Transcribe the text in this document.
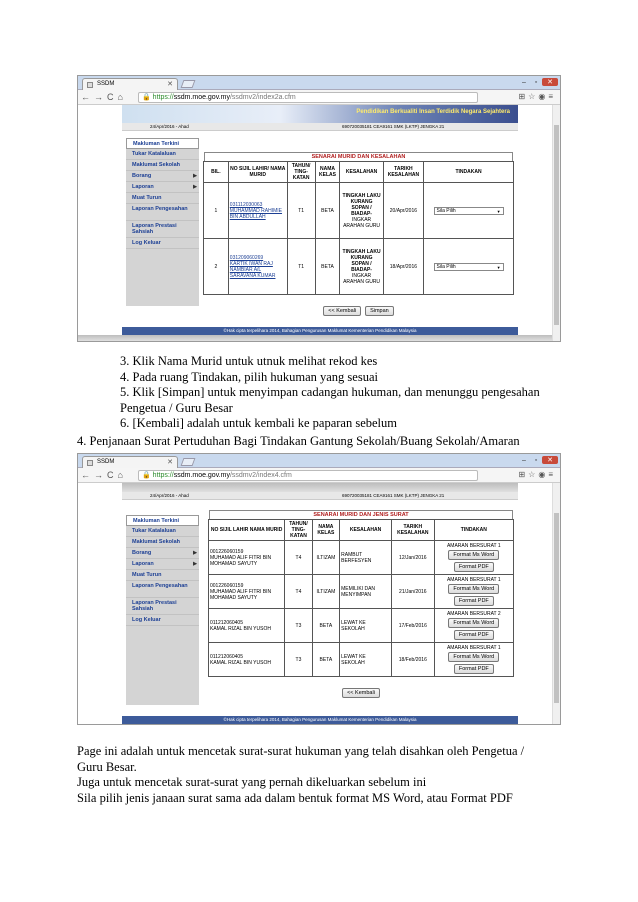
SSDM	✕	– ▫ ✕
←→C⌂	🔒 https://ssdm.moe.gov.my/ssdmv2/index2a.cfm	⊞☆◉≡
Pendidikan Berkualiti Insan Terdidik Negara Sejahtera
24/Apr/2016 - Ahad	690720035181 CEA9161 SMK (LKTP) JENGKA 21
Makluman Terkini
Tukar Katalaluan
Maklumat Sekolah
Borang	▶
Laporan	▶
Muat Turun
Laporan Pengesahan
Laporan Prestasi Sahsiah
Log Keluar
SENARAI MURID DAN KESALAHAN
BIL.	NO SIJIL LAHIR/ NAMA MURID	TAHUN/ TING- KATAN	NAMA KELAS	KESALAHAN	TARIKH KESALAHAN	TINDAKAN
1	031112030063
MUHAMMAD RAHIMIE BIN ABDULLAH	T1	BETA	TINGKAH LAKU KURANG SOPAN / BIADAP-
INGKAR ARAHAN GURU	20/Apr/2016	Sila Pilih ▼

2	031209060269
KARTIK IWAN RAJ NAMBIAR A/L SARAVANA KUMAR	T1	BETA	TINGKAH LAKU KURANG SOPAN / BIADAP-
INGKAR ARAHAN GURU	18/Apr/2016	Sila Pilih ▼
<< Kembali	Simpan
©Hak cipta terpelihara 2014, Bahagian Pengurusan Maklumat Kementerian Pendidikan Malaysia
3. Klik Nama Murid untuk utnuk melihat rekod kes
4. Pada ruang Tindakan, pilih hukuman yang sesuai
5. Klik [Simpan] untuk menyimpan cadangan hukuman, dan menunggu pengesahan
Pengetua / Guru Besar
6. [Kembali] adalah untuk kembali ke paparan sebelum
4. Penjanaan Surat Pertuduhan Bagi Tindakan Gantung Sekolah/Buang Sekolah/Amaran
SSDM	✕	– ▫ ✕
←→C⌂	🔒 https://ssdm.moe.gov.my/ssdmv2/index4.cfm	⊞☆◉≡
24/Apr/2016 - Ahad	690720035181 CEA9161 SMK (LKTP) JENGKA 21
Makluman Terkini
Tukar Katalaluan
Maklumat Sekolah
Borang	▶
Laporan	▶
Muat Turun
Laporan Pengesahan
Laporan Prestasi Sahsiah
Log Keluar
SENARAI MURID DAN JENIS SURAT
NO SIJIL LAHIR NAMA MURID	TAHUN/ TING- KATAN	NAMA KELAS	KESALAHAN	TARIKH KESALAHAN	TINDAKAN
001226060159
MUHAMAD ALIF FITRI BIN MOHAMAD SAYUTY	T4	ILTIZAM	RAMBUT BERFESYEN	12/Jan/2016	AMARAN BERSURAT 1
Format Ms Word
Format PDF
001226060159
MUHAMAD ALIF FITRI BIN MOHAMAD SAYUTY	T4	ILTIZAM	MEMILIKI DAN MENYIMPAN	21/Jan/2016	AMARAN BERSURAT 1
Format Ms Word
Format PDF
011212060405
KAMAL RIZAL BIN YUSOH	T3	BETA	LEWAT KE SEKOLAH	17/Feb/2016	AMARAN BERSURAT 2
Format Ms Word
Format PDF
011212060405
KAMAL RIZAL BIN YUSOH	T3	BETA	LEWAT KE SEKOLAH	18/Feb/2016	AMARAN BERSURAT 1
Format Ms Word
Format PDF
<< Kembali
©Hak cipta terpelihara 2014, Bahagian Pengurusan Maklumat Kementerian Pendidikan Malaysia
Page ini adalah untuk mencetak surat-surat hukuman yang telah disahkan oleh Pengetua /
Guru Besar.
Juga untuk mencetak surat-surat yang pernah dikeluarkan sebelum ini
Sila pilih jenis janaan surat sama ada dalam bentuk format MS Word, atau Format PDF
